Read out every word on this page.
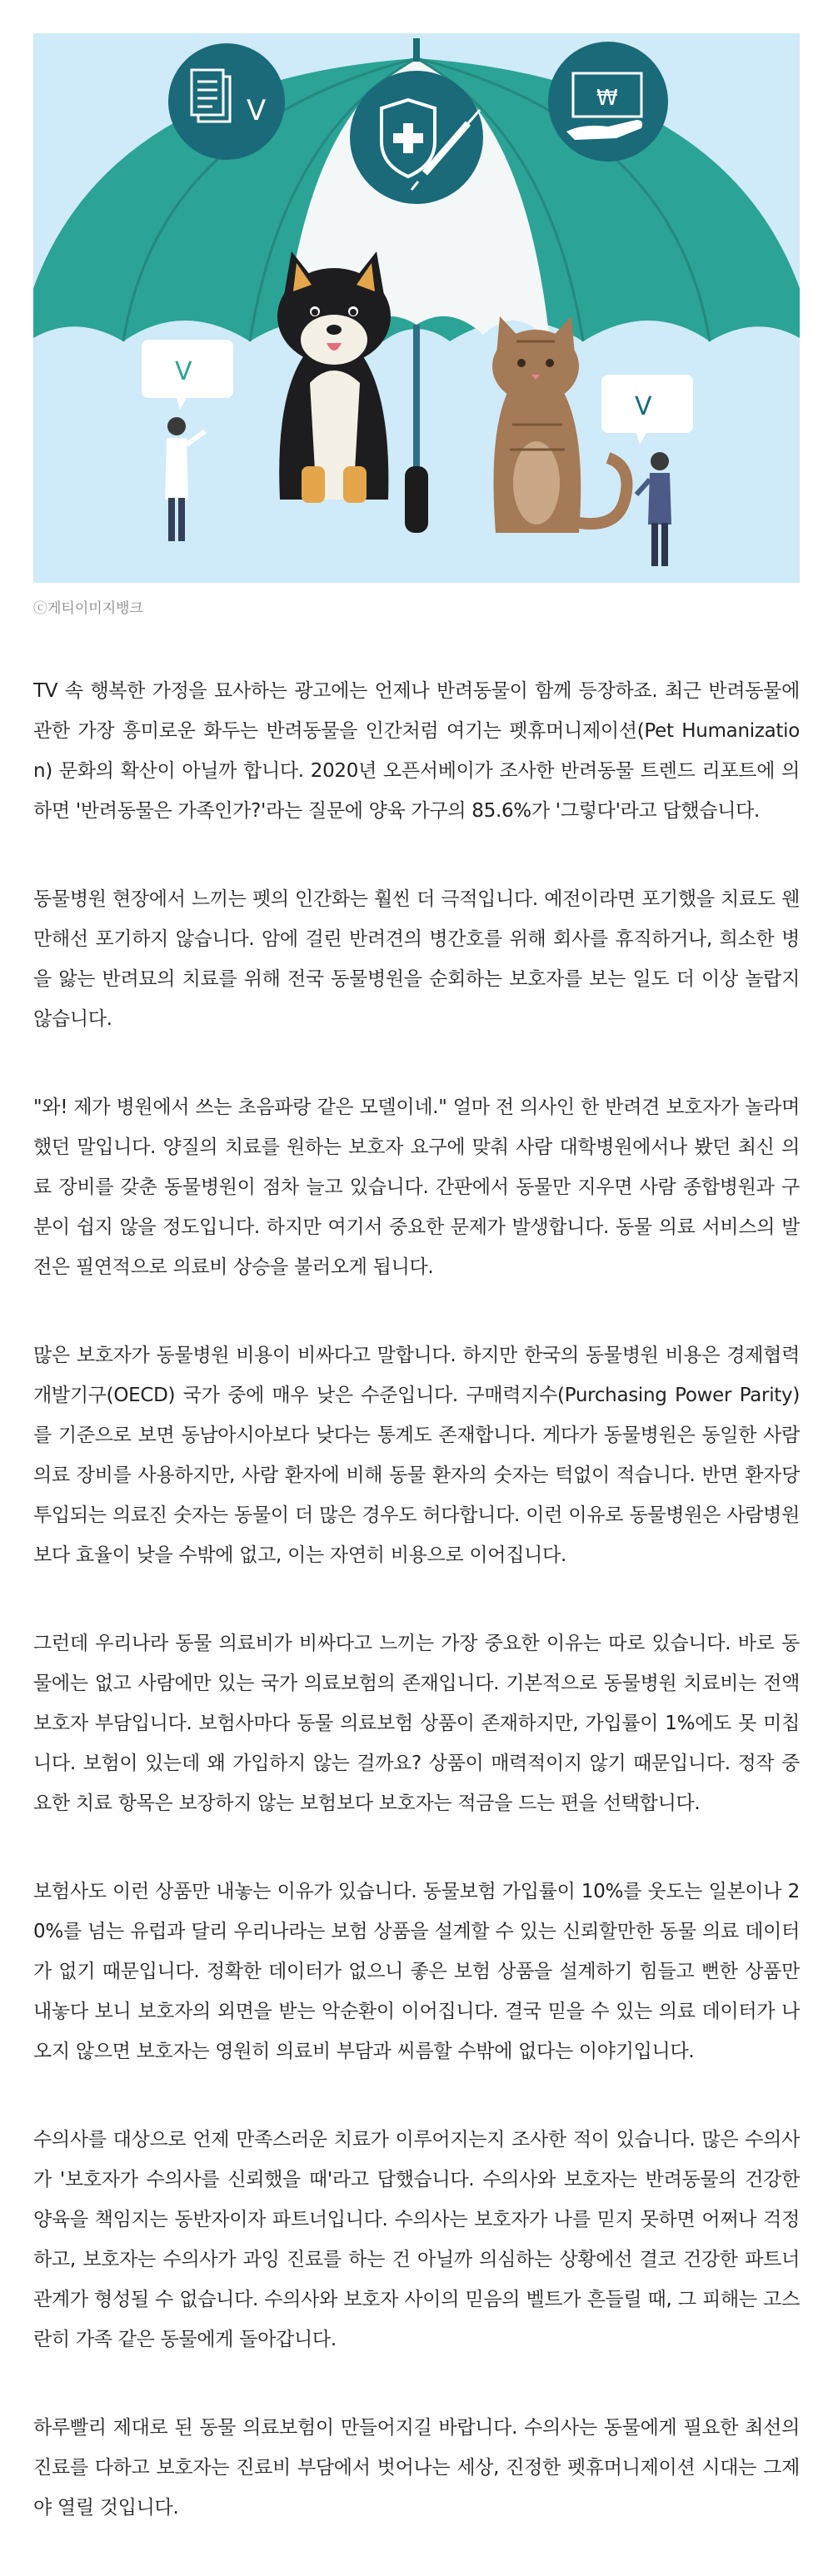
V	₩
V
V
ⓒ게티이미지뱅크

TV 속 행복한 가정을 묘사하는 광고에는 언제나 반려동물이 함께 등장하죠. 최근 반려동물에 관한 가장 흥미로운 화두는 반려동물을 인간처럼 여기는 펫휴머니제이션(Pet Humanization) 문화의 확산이 아닐까 합니다. 2020년 오픈서베이가 조사한 반려동물 트렌드 리포트에 의하면 '반려동물은 가족인가?'라는 질문에 양육 가구의 85.6%가 '그렇다'라고 답했습니다.

동물병원 현장에서 느끼는 펫의 인간화는 훨씬 더 극적입니다. 예전이라면 포기했을 치료도 웬만해선 포기하지 않습니다. 암에 걸린 반려견의 병간호를 위해 회사를 휴직하거나, 희소한 병을 앓는 반려묘의 치료를 위해 전국 동물병원을 순회하는 보호자를 보는 일도 더 이상 놀랍지 않습니다.

"와! 제가 병원에서 쓰는 초음파랑 같은 모델이네." 얼마 전 의사인 한 반려견 보호자가 놀라며 했던 말입니다. 양질의 치료를 원하는 보호자 요구에 맞춰 사람 대학병원에서나 봤던 최신 의료 장비를 갖춘 동물병원이 점차 늘고 있습니다. 간판에서 동물만 지우면 사람 종합병원과 구분이 쉽지 않을 정도입니다. 하지만 여기서 중요한 문제가 발생합니다. 동물 의료 서비스의 발전은 필연적으로 의료비 상승을 불러오게 됩니다.

많은 보호자가 동물병원 비용이 비싸다고 말합니다. 하지만 한국의 동물병원 비용은 경제협력개발기구(OECD) 국가 중에 매우 낮은 수준입니다. 구매력지수(Purchasing Power Parity)를 기준으로 보면 동남아시아보다 낮다는 통계도 존재합니다. 게다가 동물병원은 동일한 사람 의료 장비를 사용하지만, 사람 환자에 비해 동물 환자의 숫자는 턱없이 적습니다. 반면 환자당 투입되는 의료진 숫자는 동물이 더 많은 경우도 허다합니다. 이런 이유로 동물병원은 사람병원보다 효율이 낮을 수밖에 없고, 이는 자연히 비용으로 이어집니다.

그런데 우리나라 동물 의료비가 비싸다고 느끼는 가장 중요한 이유는 따로 있습니다. 바로 동물에는 없고 사람에만 있는 국가 의료보험의 존재입니다. 기본적으로 동물병원 치료비는 전액 보호자 부담입니다. 보험사마다 동물 의료보험 상품이 존재하지만, 가입률이 1%에도 못 미칩니다. 보험이 있는데 왜 가입하지 않는 걸까요? 상품이 매력적이지 않기 때문입니다. 정작 중요한 치료 항목은 보장하지 않는 보험보다 보호자는 적금을 드는 편을 선택합니다.

보험사도 이런 상품만 내놓는 이유가 있습니다. 동물보험 가입률이 10%를 웃도는 일본이나 20%를 넘는 유럽과 달리 우리나라는 보험 상품을 설계할 수 있는 신뢰할만한 동물 의료 데이터가 없기 때문입니다. 정확한 데이터가 없으니 좋은 보험 상품을 설계하기 힘들고 뻔한 상품만 내놓다 보니 보호자의 외면을 받는 악순환이 이어집니다. 결국 믿을 수 있는 의료 데이터가 나오지 않으면 보호자는 영원히 의료비 부담과 씨름할 수밖에 없다는 이야기입니다.

수의사를 대상으로 언제 만족스러운 치료가 이루어지는지 조사한 적이 있습니다. 많은 수의사가 '보호자가 수의사를 신뢰했을 때'라고 답했습니다. 수의사와 보호자는 반려동물의 건강한 양육을 책임지는 동반자이자 파트너입니다. 수의사는 보호자가 나를 믿지 못하면 어쩌나 걱정하고, 보호자는 수의사가 과잉 진료를 하는 건 아닐까 의심하는 상황에선 결코 건강한 파트너 관계가 형성될 수 없습니다. 수의사와 보호자 사이의 믿음의 벨트가 흔들릴 때, 그 피해는 고스란히 가족 같은 동물에게 돌아갑니다.

하루빨리 제대로 된 동물 의료보험이 만들어지길 바랍니다. 수의사는 동물에게 필요한 최선의 진료를 다하고 보호자는 진료비 부담에서 벗어나는 세상, 진정한 펫휴머니제이션 시대는 그제야 열릴 것입니다.
